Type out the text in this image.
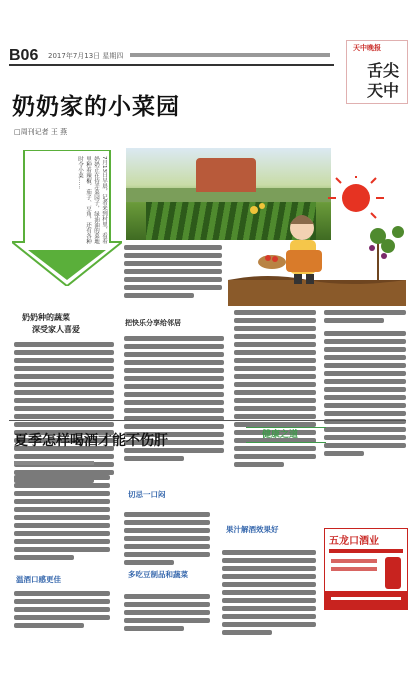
B06 2017年7月13日 星期四
天中晚报
舌尖
天中
奶奶家的小菜园
□周刊记者 王 燕
7月13日早晨，记者来到村里，看着奶奶正在侍弄菜园子，绿油油的菜地里种着辣椒、茄子、豆角，还有各种时令小菜……
奶奶种的蔬菜
深受家人喜爱
把快乐分享给邻居
夏季怎样喝酒才能不伤肝	健康之道
温酒口感更佳
切忌一口闷
多吃豆制品和蔬菜
果汁解酒效果好
五龙口酒业
